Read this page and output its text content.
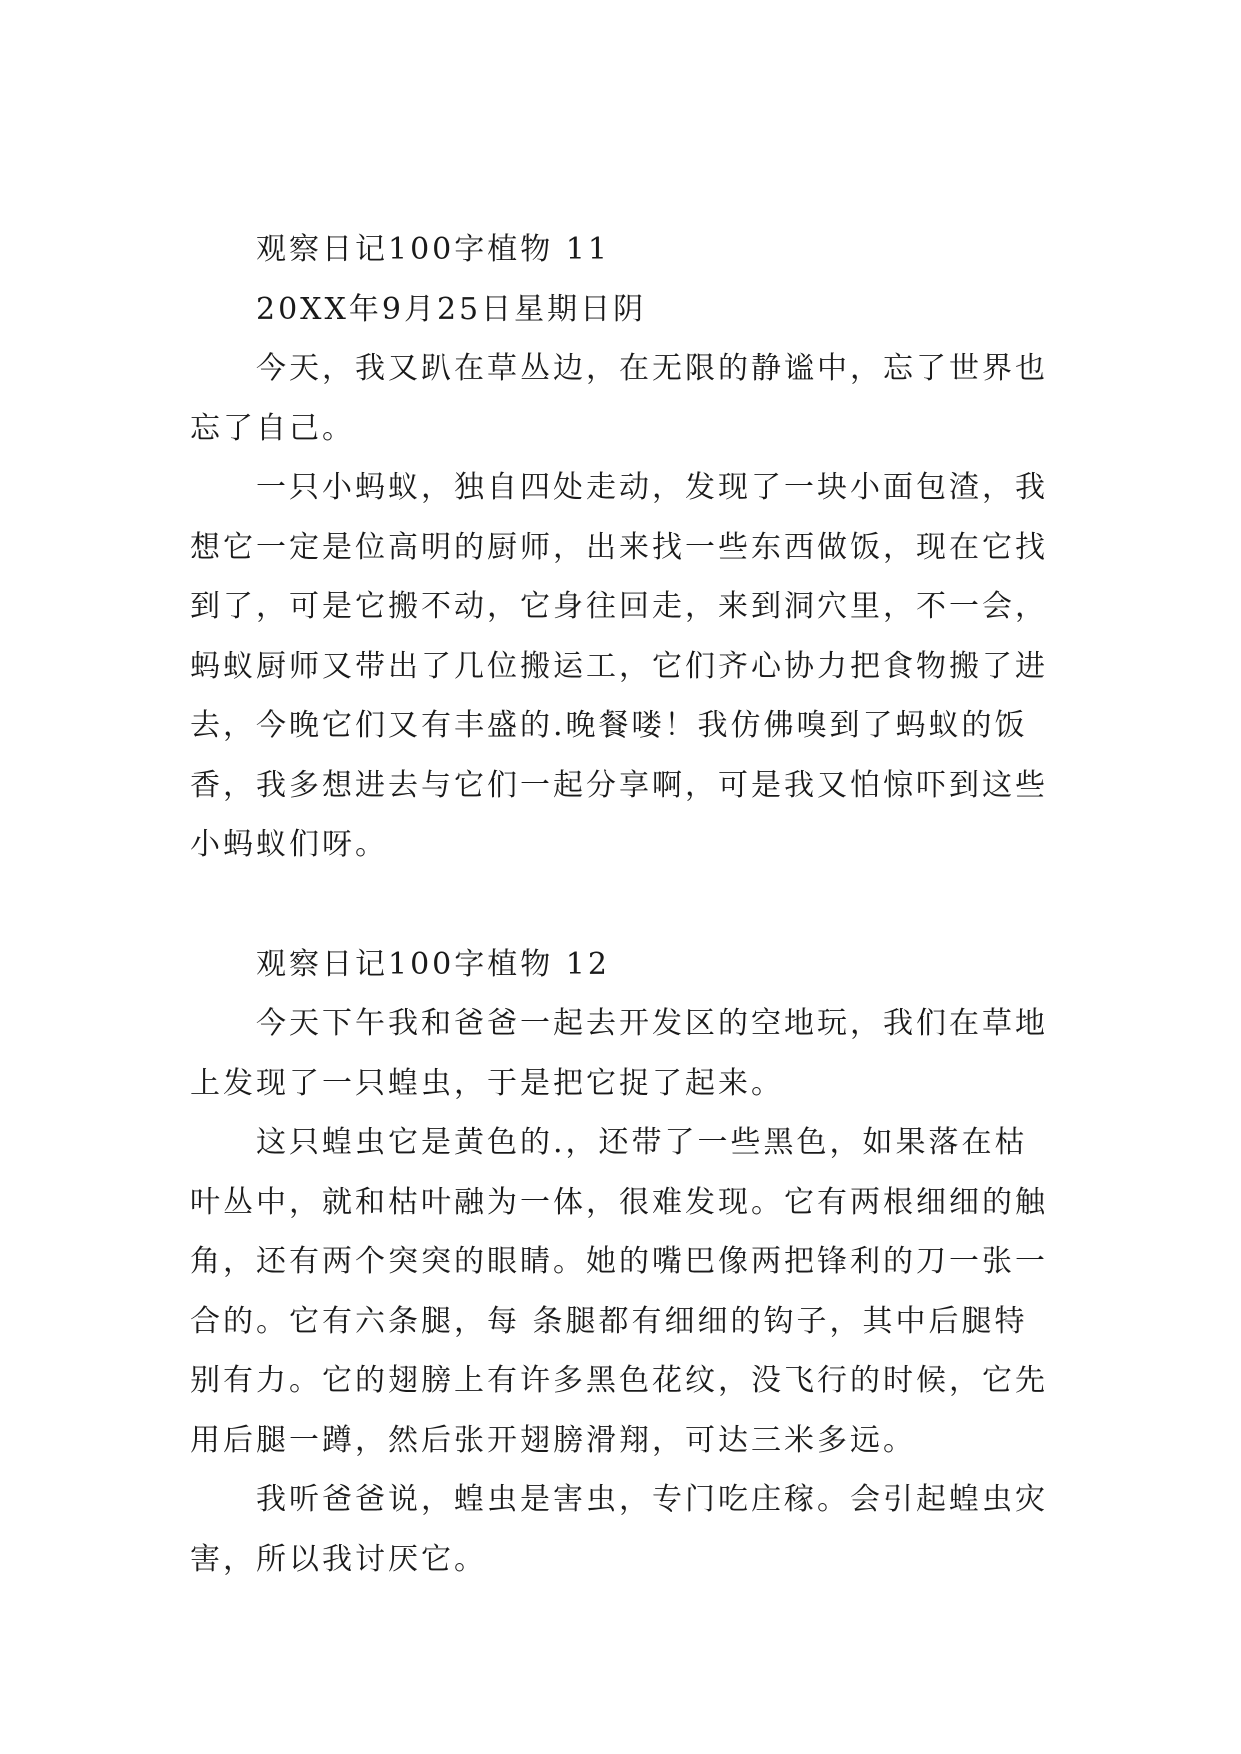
观察日记100字植物 11

20XX年9月25日星期日阴

今天，我又趴在草丛边，在无限的静谧中，忘了世界也
忘了自己。

一只小蚂蚁，独自四处走动，发现了一块小面包渣，我
想它一定是位高明的厨师，出来找一些东西做饭，现在它找
到了，可是它搬不动，它身往回走，来到洞穴里，不一会，
蚂蚁厨师又带出了几位搬运工，它们齐心协力把食物搬了进
去，今晚它们又有丰盛的.晚餐喽！我仿佛嗅到了蚂蚁的饭
香，我多想进去与它们一起分享啊，可是我又怕惊吓到这些
小蚂蚁们呀。

观察日记100字植物 12

今天下午我和爸爸一起去开发区的空地玩，我们在草地
上发现了一只蝗虫，于是把它捉了起来。

这只蝗虫它是黄色的.，还带了一些黑色，如果落在枯
叶丛中，就和枯叶融为一体，很难发现。它有两根细细的触
角，还有两个突突的眼睛。她的嘴巴像两把锋利的刀一张一
合的。它有六条腿，每 条腿都有细细的钩子，其中后腿特
别有力。它的翅膀上有许多黑色花纹，没飞行的时候，它先
用后腿一蹲，然后张开翅膀滑翔，可达三米多远。

我听爸爸说，蝗虫是害虫，专门吃庄稼。会引起蝗虫灾
害，所以我讨厌它。
